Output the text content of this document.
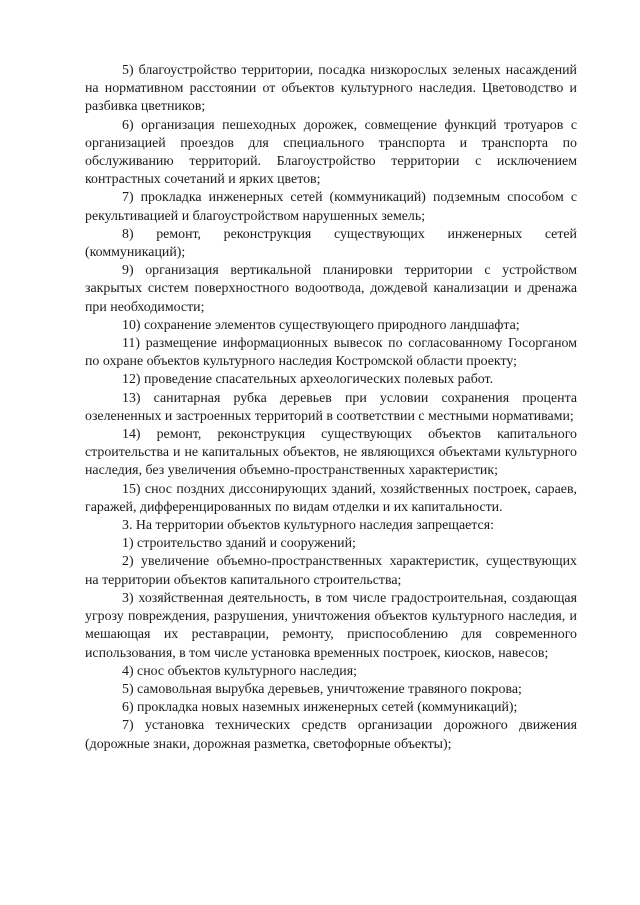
5) благоустройство территории, посадка низкорослых зеленых насаждений на нормативном расстоянии от объектов культурного наследия. Цветоводство и разбивка цветников;

6) организация пешеходных дорожек, совмещение функций тротуаров с организацией проездов для специального транспорта и транспорта по обслуживанию территорий. Благоустройство территории с исключением контрастных сочетаний и ярких цветов;

7) прокладка инженерных сетей (коммуникаций) подземным способом с рекультивацией и благоустройством нарушенных земель;

8) ремонт, реконструкция существующих инженерных сетей (коммуникаций);

9) организация вертикальной планировки территории с устройством закрытых систем поверхностного водоотвода, дождевой канализации и дренажа при необходимости;

10) сохранение элементов существующего природного ландшафта;

11) размещение информационных вывесок по согласованному Госорганом по охране объектов культурного наследия Костромской области проекту;

12) проведение спасательных археологических полевых работ.

13) санитарная рубка деревьев при условии сохранения процента озелененных и застроенных территорий в соответствии с местными нормативами;

14) ремонт, реконструкция существующих объектов капитального строительства и не капитальных объектов, не являющихся объектами культурного наследия, без увеличения объемно-пространственных характеристик;

15) снос поздних диссонирующих зданий, хозяйственных построек, сараев, гаражей, дифференцированных по видам отделки и их капитальности.

3. На территории объектов культурного наследия запрещается:

1) строительство зданий и сооружений;

2) увеличение объемно-пространственных характеристик, существующих на территории объектов капитального строительства;

3) хозяйственная деятельность, в том числе градостроительная, создающая угрозу повреждения, разрушения, уничтожения объектов культурного наследия, и мешающая их реставрации, ремонту, приспособлению для современного использования, в том числе установка временных построек, киосков, навесов;

4) снос объектов культурного наследия;

5) самовольная вырубка деревьев, уничтожение травяного покрова;

6) прокладка новых наземных инженерных сетей (коммуникаций);

7) установка технических средств организации дорожного движения (дорожные знаки, дорожная разметка, светофорные объекты);
